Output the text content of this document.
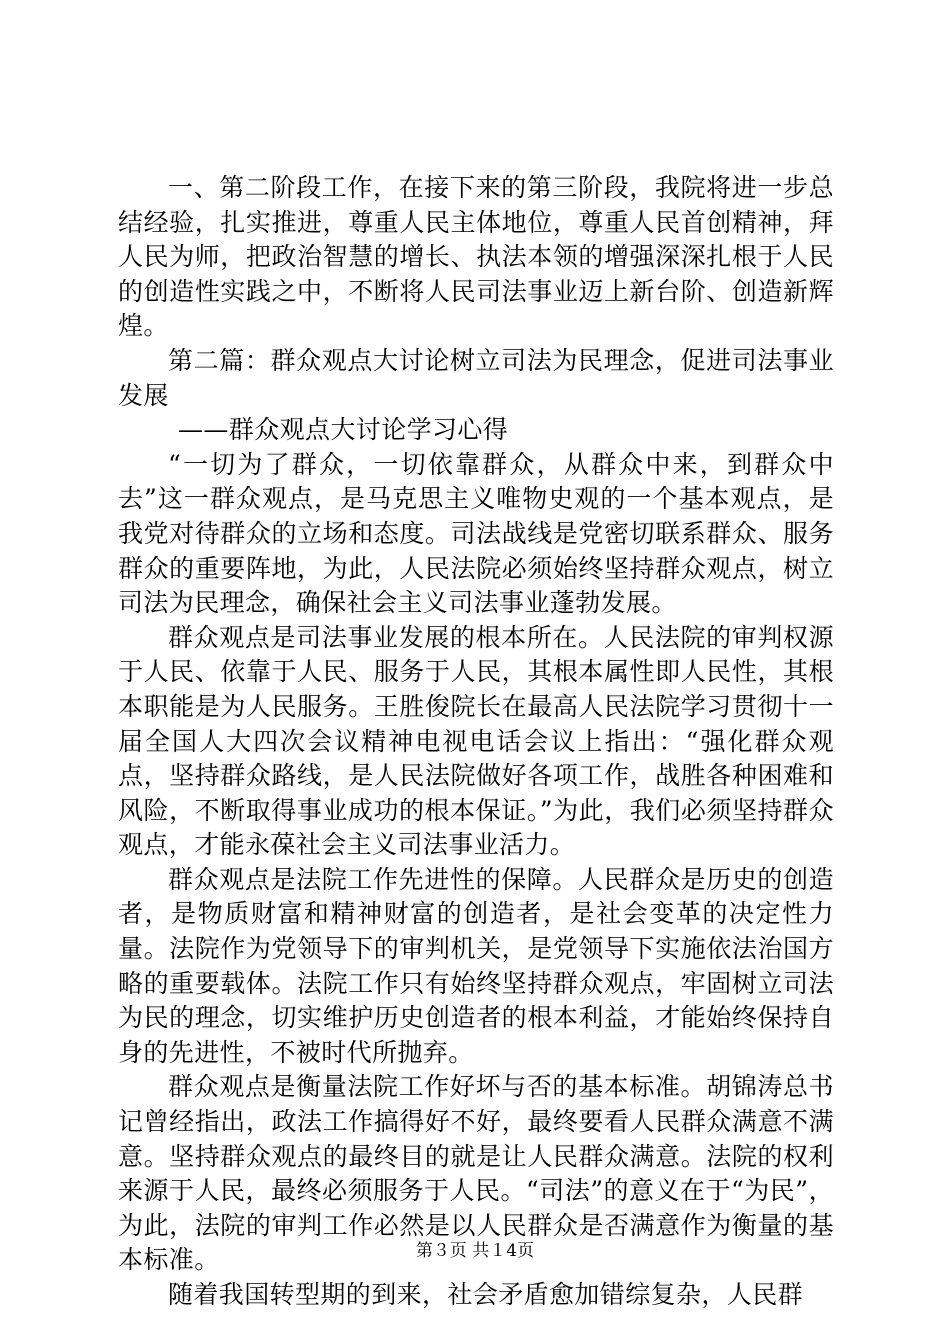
一、第二阶段工作，在接下来的第三阶段，我院将进一步总结经验，扎实推进，尊重人民主体地位，尊重人民首创精神，拜人民为师，把政治智慧的增长、执法本领的增强深深扎根于人民的创造性实践之中，不断将人民司法事业迈上新台阶、创造新辉煌。

第二篇：群众观点大讨论树立司法为民理念，促进司法事业发展

——群众观点大讨论学习心得

“一切为了群众，一切依靠群众，从群众中来，到群众中去”这一群众观点，是马克思主义唯物史观的一个基本观点，是我党对待群众的立场和态度。司法战线是党密切联系群众、服务群众的重要阵地，为此，人民法院必须始终坚持群众观点，树立司法为民理念，确保社会主义司法事业蓬勃发展。

群众观点是司法事业发展的根本所在。人民法院的审判权源于人民、依靠于人民、服务于人民，其根本属性即人民性，其根本职能是为人民服务。王胜俊院长在最高人民法院学习贯彻十一届全国人大四次会议精神电视电话会议上指出：“强化群众观点，坚持群众路线，是人民法院做好各项工作，战胜各种困难和风险，不断取得事业成功的根本保证。”为此，我们必须坚持群众观点，才能永葆社会主义司法事业活力。

群众观点是法院工作先进性的保障。人民群众是历史的创造者，是物质财富和精神财富的创造者，是社会变革的决定性力量。法院作为党领导下的审判机关，是党领导下实施依法治国方略的重要载体。法院工作只有始终坚持群众观点，牢固树立司法为民的理念，切实维护历史创造者的根本利益，才能始终保持自身的先进性，不被时代所抛弃。

群众观点是衡量法院工作好坏与否的基本标准。胡锦涛总书记曾经指出，政法工作搞得好不好，最终要看人民群众满意不满意。坚持群众观点的最终目的就是让人民群众满意。法院的权利来源于人民，最终必须服务于人民。“司法”的意义在于“为民”，为此，法院的审判工作必然是以人民群众是否满意作为衡量的基本标准。

随着我国转型期的到来，社会矛盾愈加错综复杂，人民群

第３页 共１4页
